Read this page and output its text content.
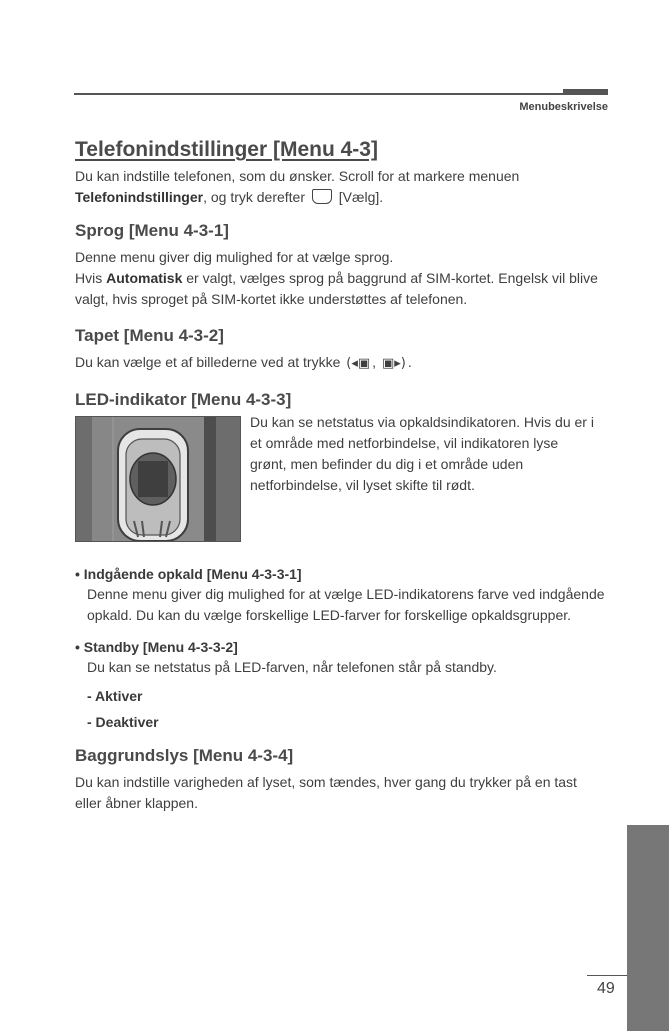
Menubeskrivelse
Telefonindstillinger [Menu 4-3]

Du kan indstille telefonen, som du ønsker. Scroll for at markere menuen Telefonindstillinger, og tryk derefter [Vælg].

Sprog [Menu 4-3-1]

Denne menu giver dig mulighed for at vælge sprog.
Hvis Automatisk er valgt, vælges sprog på baggrund af SIM-kortet. Engelsk vil blive valgt, hvis sproget på SIM-kortet ikke understøttes af telefonen.

Tapet [Menu 4-3-2]

Du kan vælge et af billederne ved at trykke (◂▣ , ▣▸) .

LED-indikator [Menu 4-3-3]

Du kan se netstatus via opkaldsindikatoren. Hvis du er i et område med netforbindelse, vil indikatoren lyse grønt, men befinder du dig i et område uden netforbindelse, vil lyset skifte til rødt.

• Indgående opkald [Menu 4-3-3-1]

Denne menu giver dig mulighed for at vælge LED-indikatorens farve ved indgående opkald. Du kan du vælge forskellige LED-farver for forskellige opkaldsgrupper.

• Standby [Menu 4-3-3-2]

Du kan se netstatus på LED-farven, når telefonen står på standby.

- Aktiver
- Deaktiver
Baggrundslys [Menu 4-3-4]

Du kan indstille varigheden af lyset, som tændes, hver gang du trykker på en tast eller åbner klappen.

49
